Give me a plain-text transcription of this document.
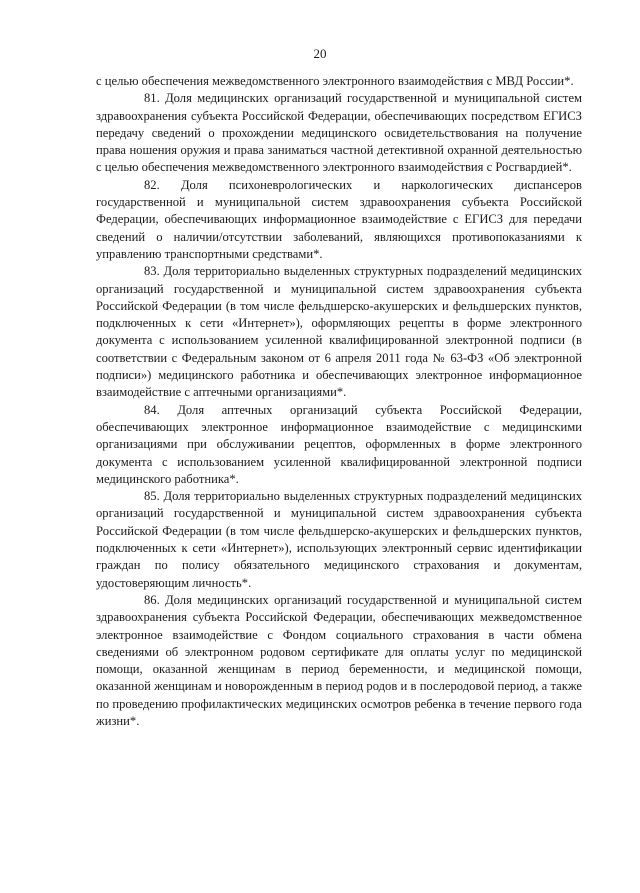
20

с целью обеспечения межведомственного электронного взаимодействия с МВД России*.

81. Доля медицинских организаций государственной и муниципальной систем здравоохранения субъекта Российской Федерации, обеспечивающих посредством ЕГИСЗ передачу сведений о прохождении медицинского освидетельствования на получение права ношения оружия и права заниматься частной детективной охранной деятельностью с целью обеспечения межведомственного электронного взаимодействия с Росгвардией*.

82. Доля психоневрологических и наркологических диспансеров государственной и муниципальной систем здравоохранения субъекта Российской Федерации, обеспечивающих информационное взаимодействие с ЕГИСЗ для передачи сведений о наличии/отсутствии заболеваний, являющихся противопоказаниями к управлению транспортными средствами*.

83. Доля территориально выделенных структурных подразделений медицинских организаций государственной и муниципальной систем здравоохранения субъекта Российской Федерации (в том числе фельдшерско-акушерских и фельдшерских пунктов, подключенных к сети «Интернет»), оформляющих рецепты в форме электронного документа с использованием усиленной квалифицированной электронной подписи (в соответствии с Федеральным законом от 6 апреля 2011 года № 63-ФЗ «Об электронной подписи») медицинского работника и обеспечивающих электронное информационное взаимодействие с аптечными организациями*.

84. Доля аптечных организаций субъекта Российской Федерации, обеспечивающих электронное информационное взаимодействие с медицинскими организациями при обслуживании рецептов, оформленных в форме электронного документа с использованием усиленной квалифицированной электронной подписи медицинского работника*.

85. Доля территориально выделенных структурных подразделений медицинских организаций государственной и муниципальной систем здравоохранения субъекта Российской Федерации (в том числе фельдшерско-акушерских и фельдшерских пунктов, подключенных к сети «Интернет»), использующих электронный сервис идентификации граждан по полису обязательного медицинского страхования и документам, удостоверяющим личность*.

86. Доля медицинских организаций государственной и муниципальной систем здравоохранения субъекта Российской Федерации, обеспечивающих межведомственное электронное взаимодействие с Фондом социального страхования в части обмена сведениями об электронном родовом сертификате для оплаты услуг по медицинской помощи, оказанной женщинам в период беременности, и медицинской помощи, оказанной женщинам и новорожденным в период родов и в послеродовой период, а также по проведению профилактических медицинских осмотров ребенка в течение первого года жизни*.
